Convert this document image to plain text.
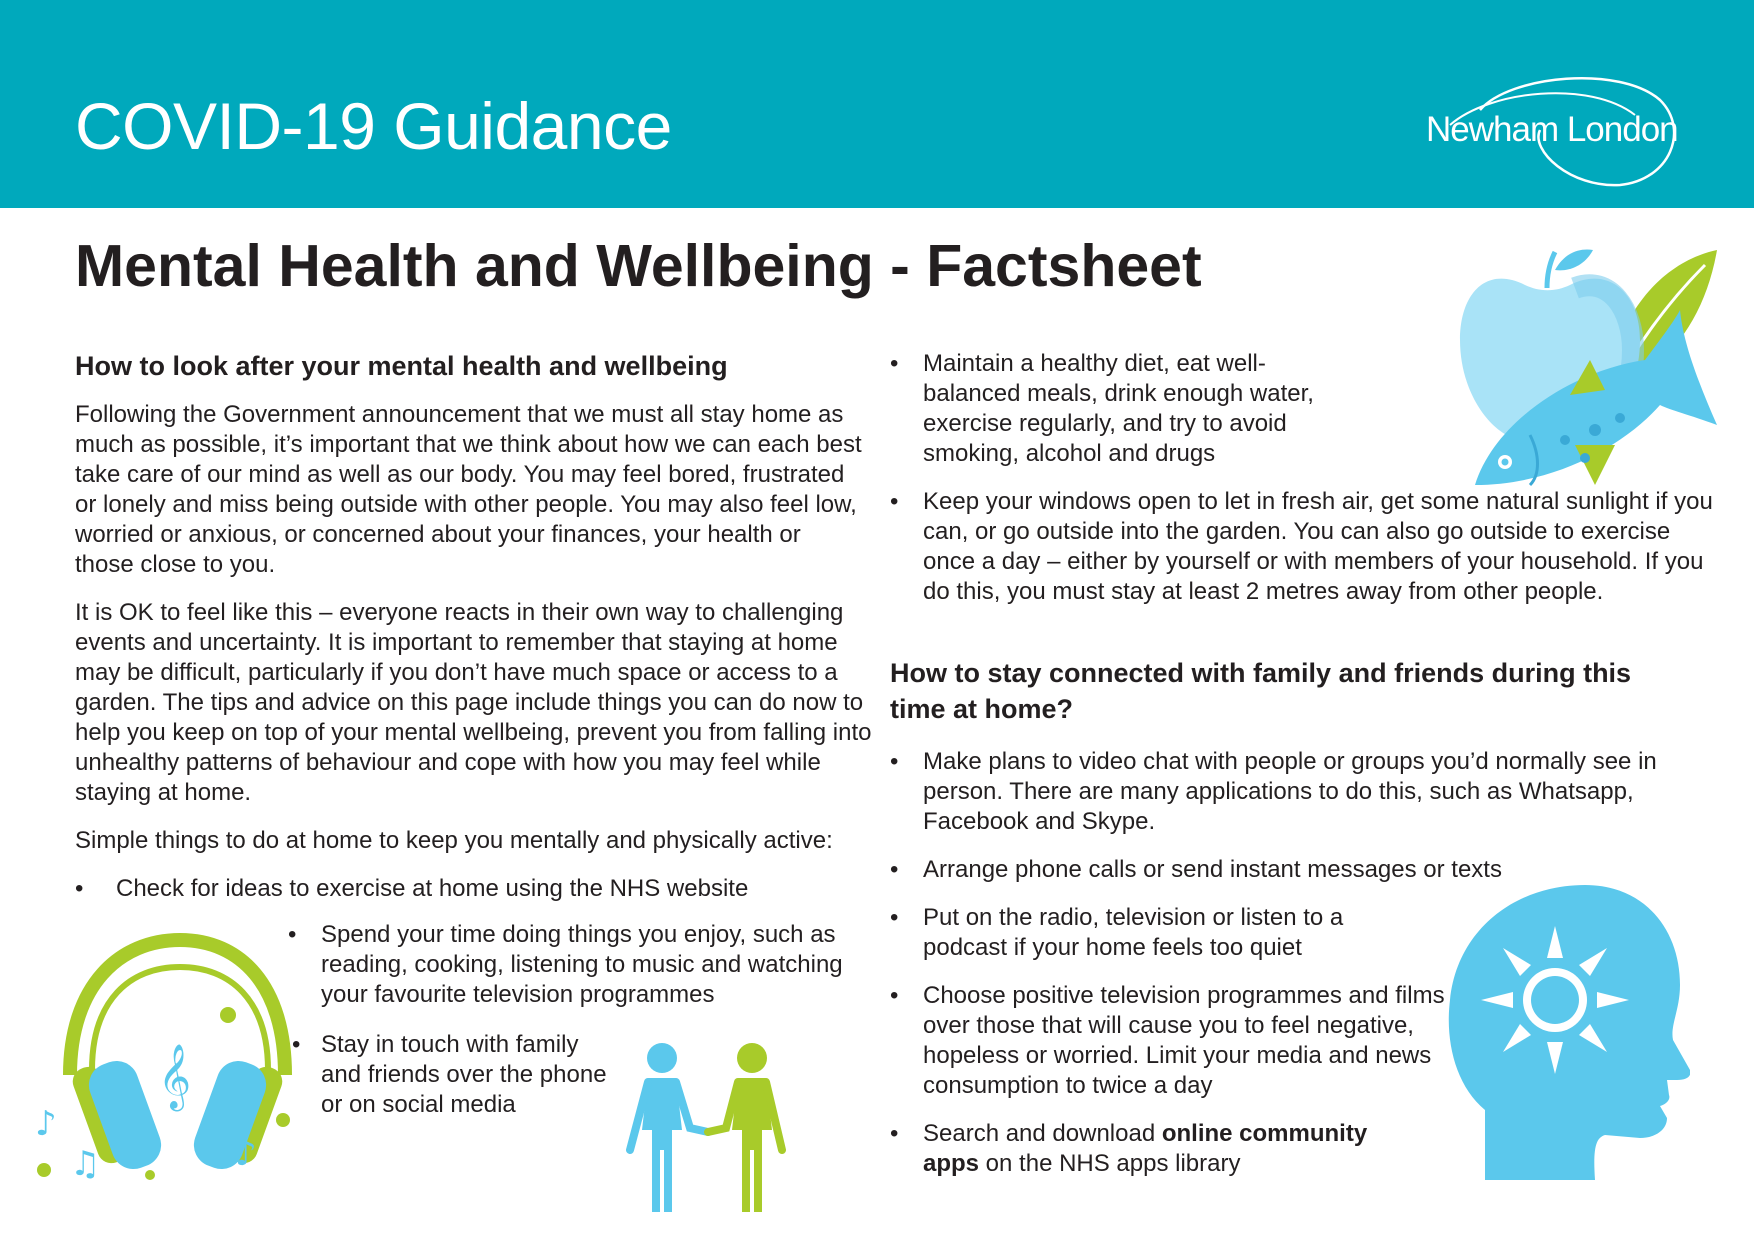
COVID-19 Guidance	Newham London
Mental Health and Wellbeing - Factsheet
How to look after your mental health and wellbeing

Following the Government announcement that we must all stay home as much as possible, it’s important that we think about how we can each best take care of our mind as well as our body. You may feel bored, frustrated or lonely and miss being outside with other people. You may also feel low, worried or anxious, or concerned about your finances, your health or those close to you.

It is OK to feel like this – everyone reacts in their own way to challenging events and uncertainty. It is important to remember that staying at home may be difficult, particularly if you don’t have much space or access to a garden. The tips and advice on this page include things you can do now to help you keep on top of your mental wellbeing, prevent you from falling into unhealthy patterns of behaviour and cope with how you may feel while staying at home.

Simple things to do at home to keep you mentally and physically active:

• Check for ideas to exercise at home using the NHS website
• Spend your time doing things you enjoy, such as reading, cooking, listening to music and watching your favourite television programmes
• Stay in touch with family and friends over the phone or on social media
• Maintain a healthy diet, eat well-balanced meals, drink enough water, exercise regularly, and try to avoid smoking, alcohol and drugs
• Keep your windows open to let in fresh air, get some natural sunlight if you can, or go outside into the garden. You can also go outside to exercise once a day – either by yourself or with members of your household. If you do this, you must stay at least 2 metres away from other people.
How to stay connected with family and friends during this time at home?
• Make plans to video chat with people or groups you’d normally see in person. There are many applications to do this, such as Whatsapp, Facebook and Skype.
• Arrange phone calls or send instant messages or texts
• Put on the radio, television or listen to a podcast if your home feels too quiet
• Choose positive television programmes and films over those that will cause you to feel negative, hopeless or worried. Limit your media and news consumption to twice a day
• Search and download online community apps on the NHS apps library
𝄞
♪
♫	♪
